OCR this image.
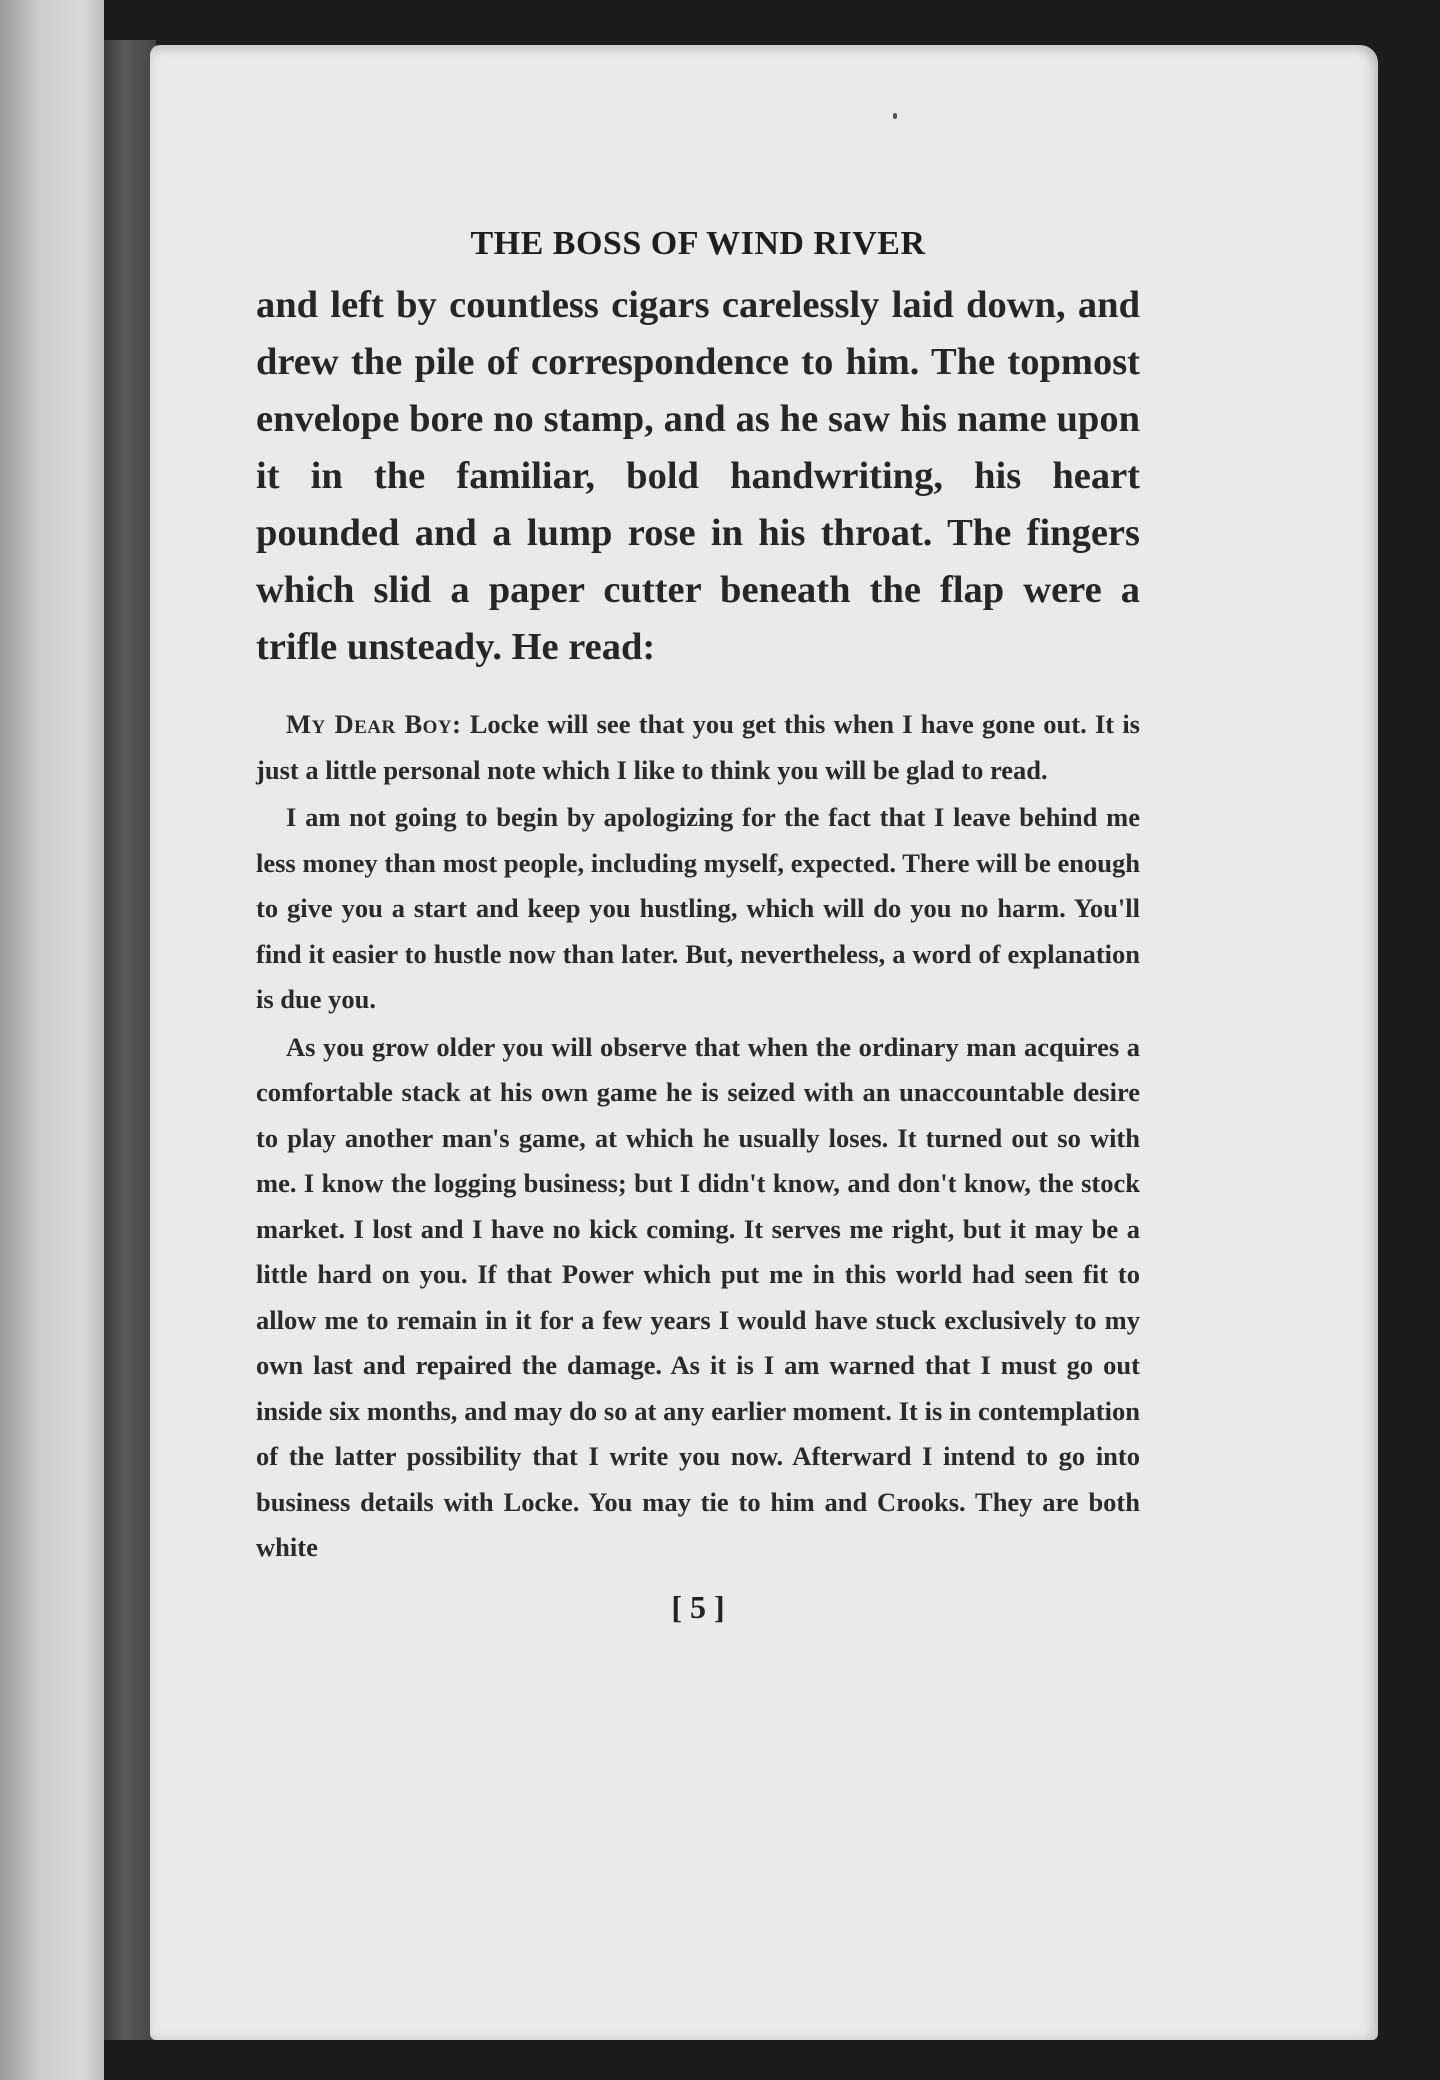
THE BOSS OF WIND RIVER

and left by countless cigars carelessly laid down, and drew the pile of correspondence to him. The topmost envelope bore no stamp, and as he saw his name upon it in the familiar, bold handwriting, his heart pounded and a lump rose in his throat. The fingers which slid a paper cutter beneath the flap were a trifle unsteady. He read:

My Dear Boy: Locke will see that you get this when I have gone out. It is just a little personal note which I like to think you will be glad to read.

I am not going to begin by apologizing for the fact that I leave behind me less money than most people, including myself, expected. There will be enough to give you a start and keep you hustling, which will do you no harm. You'll find it easier to hustle now than later. But, nevertheless, a word of explanation is due you.

As you grow older you will observe that when the ordinary man acquires a comfortable stack at his own game he is seized with an unaccountable desire to play another man's game, at which he usually loses. It turned out so with me. I know the logging business; but I didn't know, and don't know, the stock market. I lost and I have no kick coming. It serves me right, but it may be a little hard on you. If that Power which put me in this world had seen fit to allow me to remain in it for a few years I would have stuck exclusively to my own last and repaired the damage. As it is I am warned that I must go out inside six months, and may do so at any earlier moment. It is in contemplation of the latter possibility that I write you now. Afterward I intend to go into business details with Locke. You may tie to him and Crooks. They are both white

[ 5 ]
